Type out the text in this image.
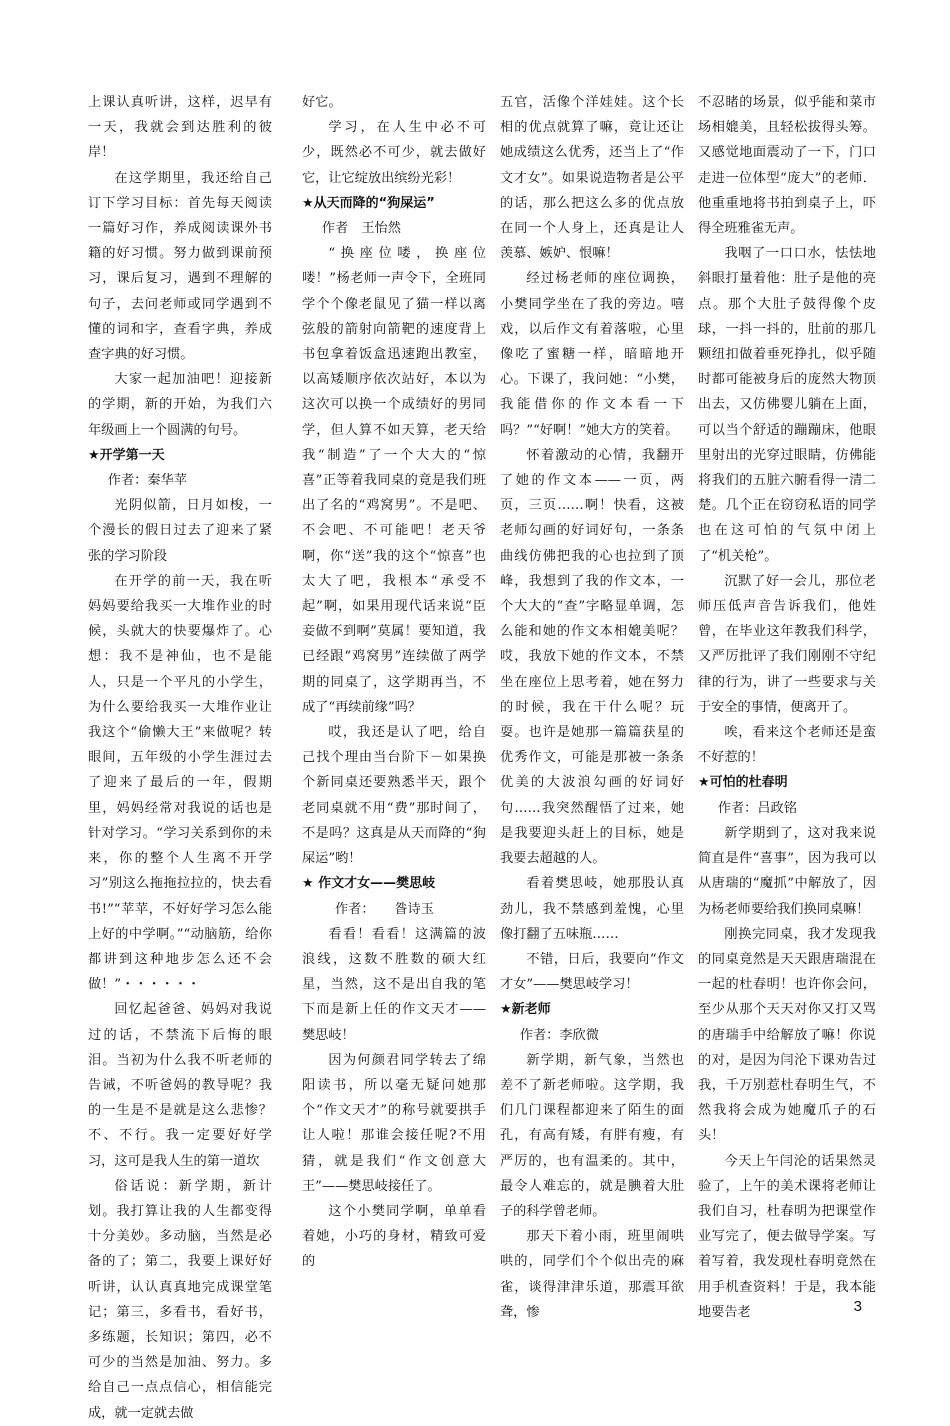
上课认真听讲，这样，迟早有一天，我就会到达胜利的彼岸！

在这学期里，我还给自己订下学习目标：首先每天阅读一篇好习作，养成阅读课外书籍的好习惯。努力做到课前预习，课后复习，遇到不理解的句子，去问老师或同学遇到不懂的词和字，查看字典，养成查字典的好习惯。

大家一起加油吧！迎接新的学期，新的开始，为我们六年级画上一个圆满的句号。

★开学第一天

作者：秦华苹

光阴似箭，日月如梭，一个漫长的假日过去了迎来了紧张的学习阶段

在开学的前一天，我在听妈妈要给我买一大堆作业的时候，头就大的快要爆炸了。心想：我不是神仙，也不是能人，只是一个平凡的小学生，为什么要给我买一大堆作业让我这个“偷懒大王”来做呢？转眼间，五年级的小学生涯过去了迎来了最后的一年，假期里，妈妈经常对我说的话也是针对学习。“学习关系到你的未来，你的整个人生离不开学习”别这么拖拖拉拉的，快去看书!”“苹苹，不好好学习怎么能上好的中学啊。”“动脑筋，给你都讲到这种地步怎么还不会做！”・・・・・・

回忆起爸爸、妈妈对我说过的话，不禁流下后悔的眼泪。当初为什么我不听老师的告诫，不听爸妈的教导呢？我的一生是不是就是这么悲惨？不、不行。我一定要好好学习，这可是我人生的第一道坎

俗话说：新学期，新计划。我打算让我的人生都变得十分美妙。多动脑，当然是必备的了；第二，我要上课好好听讲，认认真真地完成课堂笔记；第三，多看书，看好书，多练题，长知识；第四，必不可少的当然是加油、努力。多给自己一点点信心，相信能完成，就一定就去做

好它。

学习，在人生中必不可少，既然必不可少，就去做好它，让它绽放出缤纷光彩！

★从天而降的“狗屎运”

作者　王怡然

“换座位喽，换座位喽！”杨老师一声令下，全班同学个个像老鼠见了猫一样以离弦般的箭射向箭靶的速度背上书包拿着饭盒迅速跑出教室，以高矮顺序依次站好，本以为这次可以换一个成绩好的男同学，但人算不如天算，老天给我“制造”了一个大大的“惊喜”正等着我同桌的竟是我们班出了名的“鸡窝男”。不是吧、不会吧、不可能吧！老天爷啊，你“送”我的这个“惊喜”也太大了吧，我根本“承受不起”啊，如果用现代话来说“臣妾做不到啊”莫属！要知道，我已经跟“鸡窝男”连续做了两学期的同桌了，这学期再当，不成了“再续前缘”吗？

哎，我还是认了吧，给自己找个理由当台阶下－如果换个新同桌还要熟悉半天，跟个老同桌就不用“费”那时间了，不是吗？这真是从天而降的“狗屎运”哟！

★ 作文才女——樊思岐

　作者：　　昝诗玉

看看！看看！这满篇的波浪线，这数不胜数的硕大红星，当然，这不是出自我的笔下而是新上任的作文天才——樊思岐！

因为何颜君同学转去了绵阳读书，所以毫无疑问她那个“作文天才”的称号就要拱手让人啦！那谁会接任呢?不用猜，就是我们“作文创意大王”——樊思岐接任了。

这个小樊同学啊，单单看着她，小巧的身材，精致可爱的

五官，活像个洋娃娃。这个长相的优点就算了嘛，竟让还让她成绩这么优秀，还当上了“作文才女”。如果说造物者是公平的话，那么把这么多的优点放在同一个人身上，还真是让人羡慕、嫉妒、恨嘛！

经过杨老师的座位调换，小樊同学坐在了我的旁边。嘻戏，以后作文有着落啦，心里像吃了蜜糖一样，暗暗地开心。下课了，我问她：“小樊，我能借你的作文本看一下吗？”“好啊！”她大方的笑着。

怀着激动的心情，我翻开了她的作文本——一页，两页，三页……啊！快看，这被老师勾画的好词好句，一条条曲线仿佛把我的心也拉到了顶峰，我想到了我的作文本，一个大大的“查”字略显单调，怎么能和她的作文本相媲美呢？哎，我放下她的作文本，不禁坐在座位上思考着，她在努力的时候，我在干什么呢？玩耍。也许是她那一篇篇获星的优秀作文，可能是那被一条条优美的大波浪勾画的好词好句……我突然醒悟了过来，她是我要迎头赶上的目标，她是我要去超越的人。

看着樊思岐，她那股认真劲儿，我不禁感到羞愧，心里像打翻了五味瓶……

不错，日后，我要向“作文才女”——樊思岐学习！

★新老师

作者：李欣微

新学期，新气象，当然也差不了新老师啦。这学期，我们几门课程都迎来了陌生的面孔，有高有矮，有胖有瘦，有严厉的，也有温柔的。其中，最令人难忘的，就是腆着大肚子的科学曾老师。

那天下着小雨，班里闹哄哄的，同学们个个似出壳的麻雀，谈得津津乐道，那震耳欲聋，惨

不忍睹的场景，似乎能和菜市场相媲美，且轻松拔得头筹。又感觉地面震动了一下，门口走进一位体型“庞大”的老师．他重重地将书拍到桌子上，吓得全班雅雀无声。

我咽了一口口水，怯怯地斜眼打量着他：肚子是他的亮点。那个大肚子鼓得像个皮球，一抖一抖的，肚前的那几颗纽扣做着垂死挣扎，似乎随时都可能被身后的庞然大物顶出去，又仿佛婴儿躺在上面，可以当个舒适的蹦蹦床，他眼里射出的光穿过眼睛，仿佛能将我们的五脏六腑看得一清二楚。几个正在窃窃私语的同学也在这可怕的气氛中闭上了“机关枪”。

沉默了好一会儿，那位老师压低声音告诉我们，他姓曾，在毕业这年教我们科学，又严厉批评了我们刚刚不守纪律的行为，讲了一些要求与关于安全的事情，便离开了。

唉，看来这个老师还是蛮不好惹的！

★可怕的杜春明

作者：吕政铭

新学期到了，这对我来说简直是件“喜事”，因为我可以从唐瑞的“魔抓”中解放了，因为杨老师要给我们换同桌嘛！

刚换完同桌，我才发现我的同桌竟然是天天跟唐瑞混在一起的杜春明！也许你会问，至少从那个天天对你又打又骂的唐瑞手中给解放了嘛！你说的对，是因为闫沦下课劝告过我，千万别惹杜春明生气，不然我将会成为她魔爪子的石头！

今天上午闫沦的话果然灵验了，上午的美术课将老师让我们自习，杜春明为把课堂作业写完了，便去做导学案。写着写着，我发现杜春明竟然在用手机查资料！于是，我本能地要告老	3
